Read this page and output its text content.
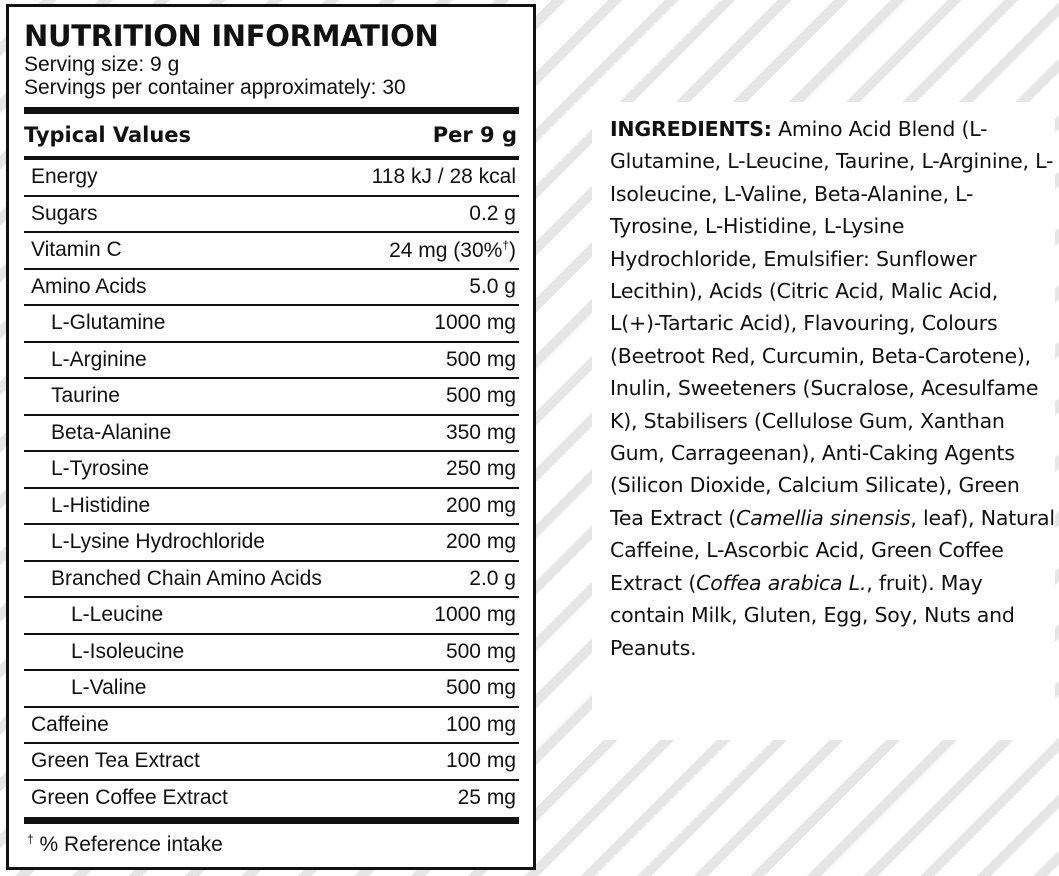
NUTRITION INFORMATION
Serving size: 9 g
Servings per container approximately: 30
Typical Values	Per 9 g
Energy	118 kJ / 28 kcal
Sugars	0.2 g
Vitamin C	24 mg (30%†)
Amino Acids	5.0 g
L-Glutamine	1000 mg
L-Arginine	500 mg
Taurine	500 mg
Beta-Alanine	350 mg
L-Tyrosine	250 mg
L-Histidine	200 mg
L-Lysine Hydrochloride	200 mg
Branched Chain Amino Acids	2.0 g
L-Leucine	1000 mg
L-Isoleucine	500 mg
L-Valine	500 mg
Caffeine	100 mg
Green Tea Extract	100 mg
Green Coffee Extract	25 mg
† % Reference intake

INGREDIENTS: Amino Acid Blend (L-Glutamine, L-Leucine, Taurine, L-Arginine, L-Isoleucine, L-Valine, Beta-Alanine, L-Tyrosine, L-Histidine, L-Lysine Hydrochloride, Emulsifier: Sunflower Lecithin), Acids (Citric Acid, Malic Acid, L(+)-Tartaric Acid), Flavouring, Colours (Beetroot Red, Curcumin, Beta-Carotene), Inulin, Sweeteners (Sucralose, Acesulfame K), Stabilisers (Cellulose Gum, Xanthan Gum, Carrageenan), Anti-Caking Agents (Silicon Dioxide, Calcium Silicate), Green Tea Extract (Camellia sinensis, leaf), Natural Caffeine, L-Ascorbic Acid, Green Coffee Extract (Coffea arabica L., fruit). May contain Milk, Gluten, Egg, Soy, Nuts and Peanuts.
